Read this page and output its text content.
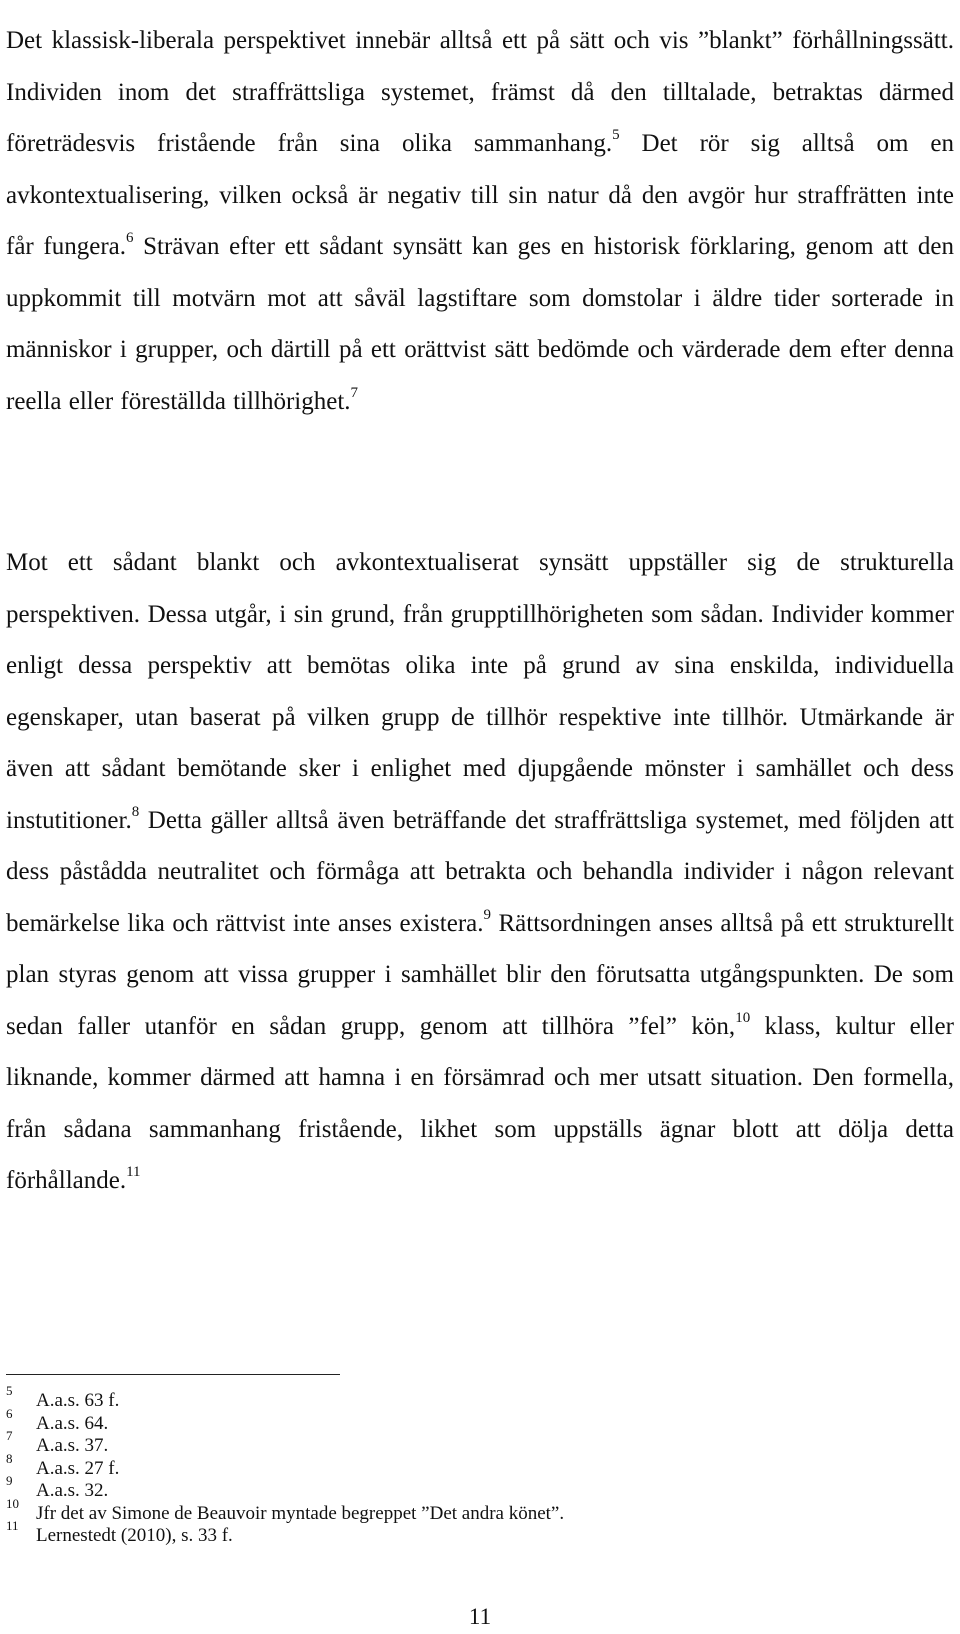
Det klassisk-liberala perspektivet innebär alltså ett på sätt och vis ”blankt” förhållningssätt. Individen inom det straffrättsliga systemet, främst då den tilltalade, betraktas därmed företrädesvis fristående från sina olika sammanhang.$^5$ Det rör sig alltså om en avkontextualisering, vilken också är negativ till sin natur då den avgör hur straffrätten inte får fungera.$^6$ Strävan efter ett sådant synsätt kan ges en historisk förklaring, genom att den uppkommit till motvärn mot att såväl lagstiftare som domstolar i äldre tider sorterade in människor i grupper, och därtill på ett orättvist sätt bedömde och värderade dem efter denna reella eller föreställda tillhörighet.$^7$

Mot ett sådant blankt och avkontextualiserat synsätt uppställer sig de strukturella perspektiven. Dessa utgår, i sin grund, från grupptillhörigheten som sådan. Individer kommer enligt dessa perspektiv att bemötas olika inte på grund av sina enskilda, individuella egenskaper, utan baserat på vilken grupp de tillhör respektive inte tillhör. Utmärkande är även att sådant bemötande sker i enlighet med djupgående mönster i samhället och dess instutitioner.$^8$ Detta gäller alltså även beträffande det straffrättsliga systemet, med följden att dess påstådda neutralitet och förmåga att betrakta och behandla individer i någon relevant bemärkelse lika och rättvist inte anses existera.$^9$ Rättsordningen anses alltså på ett strukturellt plan styras genom att vissa grupper i samhället blir den förutsatta utgångspunkten. De som sedan faller utanför en sådan grupp, genom att tillhöra ”fel” kön,$^{10}$ klass, kultur eller liknande, kommer därmed att hamna i en försämrad och mer utsatt situation. Den formella, från sådana sammanhang fristående, likhet som uppställs ägnar blott att dölja detta förhållande.$^{11}$

5 A.a.s. 63 f.
6 A.a.s. 64.
7 A.a.s. 37.
8 A.a.s. 27 f.
9 A.a.s. 32.
10 Jfr det av Simone de Beauvoir myntade begreppet ”Det andra könet”.
11 Lernestedt (2010), s. 33 f.
11
